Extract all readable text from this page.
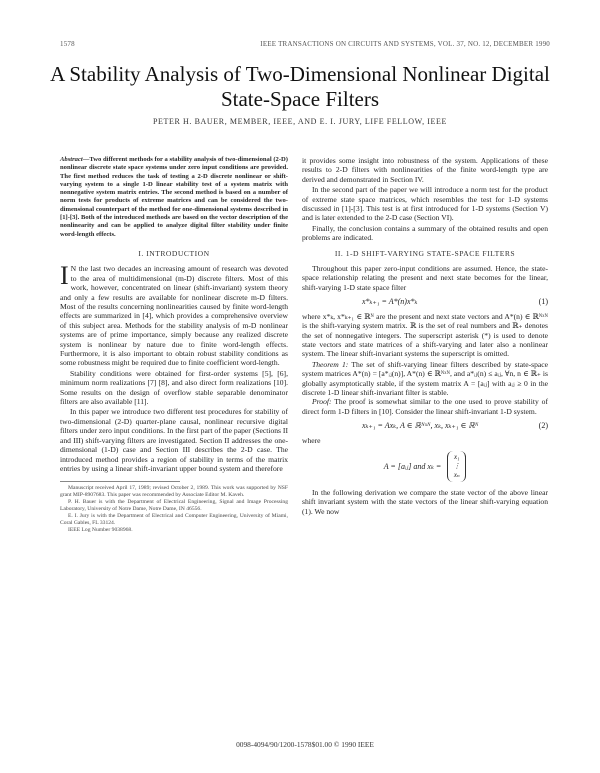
1578	IEEE TRANSACTIONS ON CIRCUITS AND SYSTEMS, VOL. 37, NO. 12, DECEMBER 1990
A Stability Analysis of Two-Dimensional Nonlinear Digital State-Space Filters
PETER H. BAUER, MEMBER, IEEE, AND E. I. JURY, LIFE FELLOW, IEEE
Abstract—Two different methods for a stability analysis of two-dimensional (2-D) nonlinear discrete state space systems under zero input conditions are provided. The first method reduces the task of testing a 2-D discrete nonlinear or shift-varying system to a single 1-D linear stability test of a system matrix with nonnegative system matrix entries. The second method is based on a number of norm tests for products of extreme matrices and can be considered the two-dimensional counterpart of the method for one-dimensional systems described in [1]-[3]. Both of the introduced methods are based on the vector description of the nonlinearity and can be applied to analyze digital filter stability under finite word-length effects.
I. INTRODUCTION
I N the last two decades an increasing amount of research was devoted to the area of multidimensional (m-D) discrete filters. Most of this work, however, concentrated on linear (shift-invariant) system theory and only a few results are available for nonlinear discrete m-D filters. Most of the results concerning nonlinearities caused by finite word-length effects are summarized in [4], which provides a comprehensive overview of this subject area. Methods for the stability analysis of m-D nonlinear systems are of prime importance, simply because any realized discrete system is nonlinear by nature due to finite word-length effects. Furthermore, it is also important to obtain robust stability conditions as some robustness might be required due to finite coefficient word-length.
Stability conditions were obtained for first-order systems [5], [6], minimum norm realizations [7] [8], and also direct form realizations [10]. Some results on the design of overflow stable separable denominator filters are also available [11].
In this paper we introduce two different test procedures for stability of two-dimensional (2-D) quarter-plane causal, nonlinear recursive digital filters under zero input conditions. In the first part of the paper (Sections II and III) shift-varying filters are investigated. Section II addresses the one-dimensional (1-D) case and Section III describes the 2-D case. The introduced method provides a region of stability in terms of the matrix entries by using a linear shift-invariant upper bound system and therefore
Manuscript received April 17, 1989; revised October 2, 1989. This work was supported by NSF grant MIP-8907683. This paper was recommended by Associate Editor M. Kaveh.
P. H. Bauer is with the Department of Electrical Engineering, Signal and Image Processing Laboratory, University of Notre Dame, Notre Dame, IN 46556.
E. I. Jury is with the Department of Electrical and Computer Engineering, University of Miami, Coral Gables, FL 33124.
IEEE Log Number 9038968.
it provides some insight into robustness of the system. Applications of these results to 2-D filters with nonlinearities of the finite word-length type are derived and demonstrated in Section IV.
In the second part of the paper we will introduce a norm test for the product of extreme state space matrices, which resembles the test for 1-D systems discussed in [1]-[3]. This test is at first introduced for 1-D systems (Section V) and is later extended to the 2-D case (Section VI).
Finally, the conclusion contains a summary of the obtained results and open problems are indicated.
II. 1-D SHIFT-VARYING STATE-SPACE FILTERS
Throughout this paper zero-input conditions are assumed. Hence, the state-space relationship relating the present and next state becomes for the linear, shift-varying 1-D state space filter
x*ₖ₊₁ = A*(n)x*ₖ	(1)
where x*ₖ, x*ₖ₊₁ ∈ ℝᴺ are the present and next state vectors and A*(n) ∈ ℝᴺˣᴺ is the shift-varying system matrix. ℝ is the set of real numbers and ℝ₊ denotes the set of nonnegative integers. The superscript asterisk (*) is used to denote state vectors and state matrices of a shift-varying and later also a nonlinear system. The linear shift-invariant systems the superscript is omitted.
Theorem 1: The set of shift-varying linear filters described by state-space system matrices A*(n) = [a*ᵢⱼ(n)], A*(n) ∈ ℝᴺˣᴺ, and a*ᵢⱼ(n) ≤ aᵢⱼ, ∀n, n ∈ ℝ₊ is globally asymptotically stable, if the system matrix A = [aᵢⱼ] with aᵢⱼ ≥ 0 in the discrete 1-D linear shift-invariant filter is stable.
Proof: The proof is somewhat similar to the one used to prove stability of direct form 1-D filters in [10]. Consider the linear shift-invariant 1-D system.
xₖ₊₁ = Axₖ, A ∈ ℝᴺˣᴺ, xₖ, xₖ₊₁ ∈ ℝᴺ	(2)
where
A = [aᵢⱼ] and xₖ =
x₁
⋮
xₙ
In the following derivation we compare the state vector of the above linear shift invariant system with the state vectors of the linear shift-varying equation (1). We now
0098-4094/90/1200-1578$01.00 © 1990 IEEE
